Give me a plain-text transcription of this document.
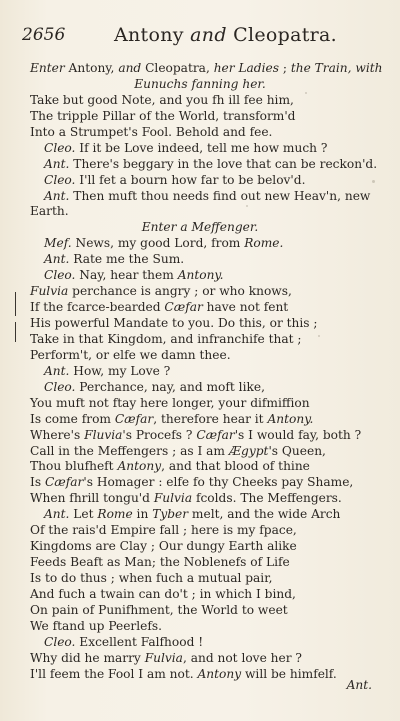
2656	Antony and Cleopatra.
Enter Antony, and Cleopatra, her Ladies ; the Train, with
Eunuchs fanning her.
Take but good Note, and you fh ill fee him,
The tripple Pillar of the World, transform'd
Into a Strumpet's Fool. Behold and fee.
Cleo. If it be Love indeed, tell me how much ?
Ant. There's beggary in the love that can be reckon'd.
Cleo. I'll fet a bourn how far to be belov'd.
Ant. Then muft thou needs find out new Heav'n, new
Earth.
Enter a Meffenger.
Mef. News, my good Lord, from Rome.
Ant. Rate me the Sum.
Cleo. Nay, hear them Antony.
Fulvia perchance is angry ; or who knows,
If the fcarce-bearded Cæfar have not fent
His powerful Mandate to you. Do this, or this ;
Take in that Kingdom, and infranchife that ;
Perform't, or elfe we damn thee.
Ant. How, my Love ?
Cleo. Perchance, nay, and moft like,
You muft not ftay here longer, your difmiffion
Is come from Cæfar, therefore hear it Antony.
Where's Fluvia's Procefs ? Cæfar's I would fay, both ?
Call in the Meffengers ; as I am Ægypt's Queen,
Thou blufheft Antony, and that blood of thine
Is Cæfar's Homager : elfe fo thy Cheeks pay Shame,
When fhrill tongu'd Fulvia fcolds. The Meffengers.
Ant. Let Rome in Tyber melt, and the wide Arch
Of the rais'd Empire fall ; here is my fpace,
Kingdoms are Clay ; Our dungy Earth alike
Feeds Beaft as Man; the Noblenefs of Life
Is to do thus ; when fuch a mutual pair,
And fuch a twain can do't ; in which I bind,
On pain of Punifhment, the World to weet
We ftand up Peerlefs.
Cleo. Excellent Falfhood !
Why did he marry Fulvia, and not love her ?
I'll feem the Fool I am not. Antony will be himfelf.
Ant.
